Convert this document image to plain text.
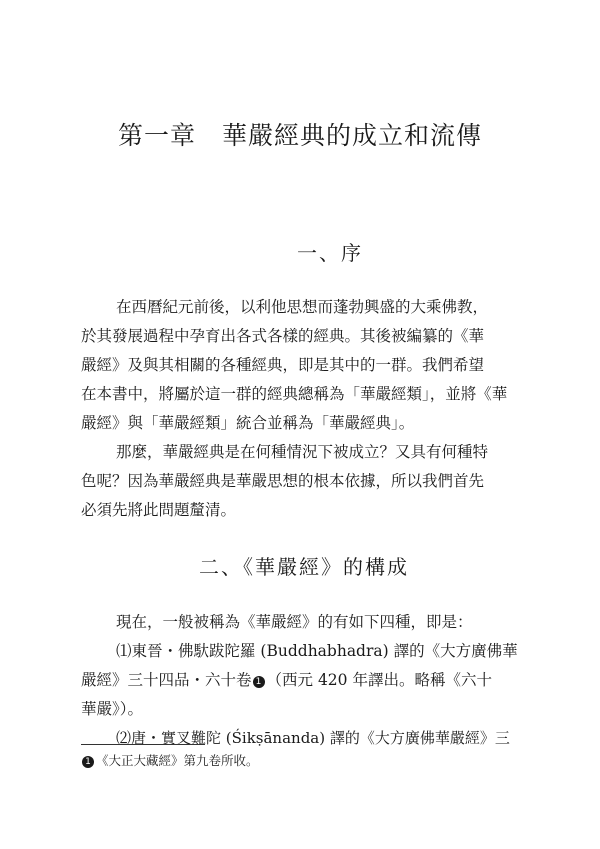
第一章　華嚴經典的成立和流傳
一、序
在西曆紀元前後，以利他思想而蓬勃興盛的大乘佛教，
於其發展過程中孕育出各式各樣的經典。其後被編纂的《華
嚴經》及與其相關的各種經典，即是其中的一群。我們希望
在本書中，將屬於這一群的經典總稱為「華嚴經類」，並將《華
嚴經》與「華嚴經類」統合並稱為「華嚴經典」。
那麼，華嚴經典是在何種情況下被成立？又具有何種特
色呢？因為華嚴經典是華嚴思想的根本依據，所以我們首先
必須先將此問題釐清。
二、《華嚴經》的構成
現在，一般被稱為《華嚴經》的有如下四種，即是：
⑴東晉・佛馱跋陀羅 (Buddhabhadra) 譯的《大方廣佛華
嚴經》三十四品・六十卷 1 （西元 420 年譯出。略稱《六十
華嚴》）。
⑵唐・實叉難陀 (Śikṣānanda) 譯的《大方廣佛華嚴經》三
1 《大正大藏經》第九卷所收。
